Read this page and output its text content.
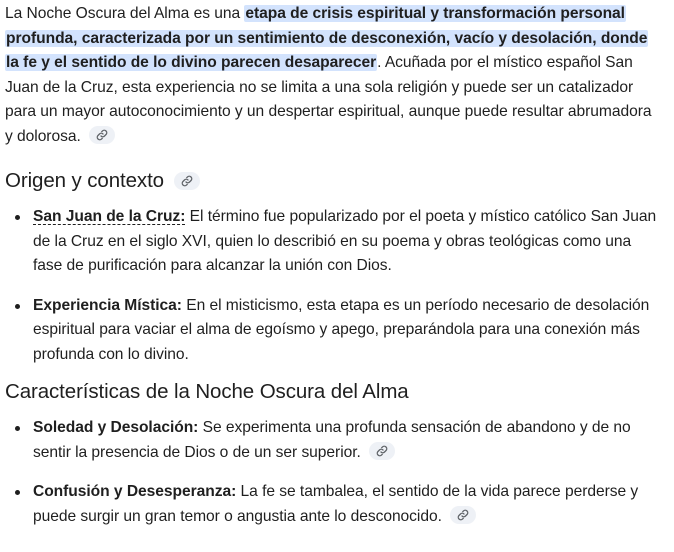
La Noche Oscura del Alma es una etapa de crisis espiritual y transformación personal profunda, caracterizada por un sentimiento de desconexión, vacío y desolación, donde la fe y el sentido de lo divino parecen desaparecer. Acuñada por el místico español San Juan de la Cruz, esta experiencia no se limita a una sola religión y puede ser un catalizador para un mayor autoconocimiento y un despertar espiritual, aunque puede resultar abrumadora y dolorosa.

Origen y contexto
San Juan de la Cruz: El término fue popularizado por el poeta y místico católico San Juan de la Cruz en el siglo XVI, quien lo describió en su poema y obras teológicas como una fase de purificación para alcanzar la unión con Dios.
Experiencia Mística: En el misticismo, esta etapa es un período necesario de desolación espiritual para vaciar el alma de egoísmo y apego, preparándola para una conexión más profunda con lo divino.
Características de la Noche Oscura del Alma
Soledad y Desolación: Se experimenta una profunda sensación de abandono y de no sentir la presencia de Dios o de un ser superior.
Confusión y Desesperanza: La fe se tambalea, el sentido de la vida parece perderse y puede surgir un gran temor o angustia ante lo desconocido.
